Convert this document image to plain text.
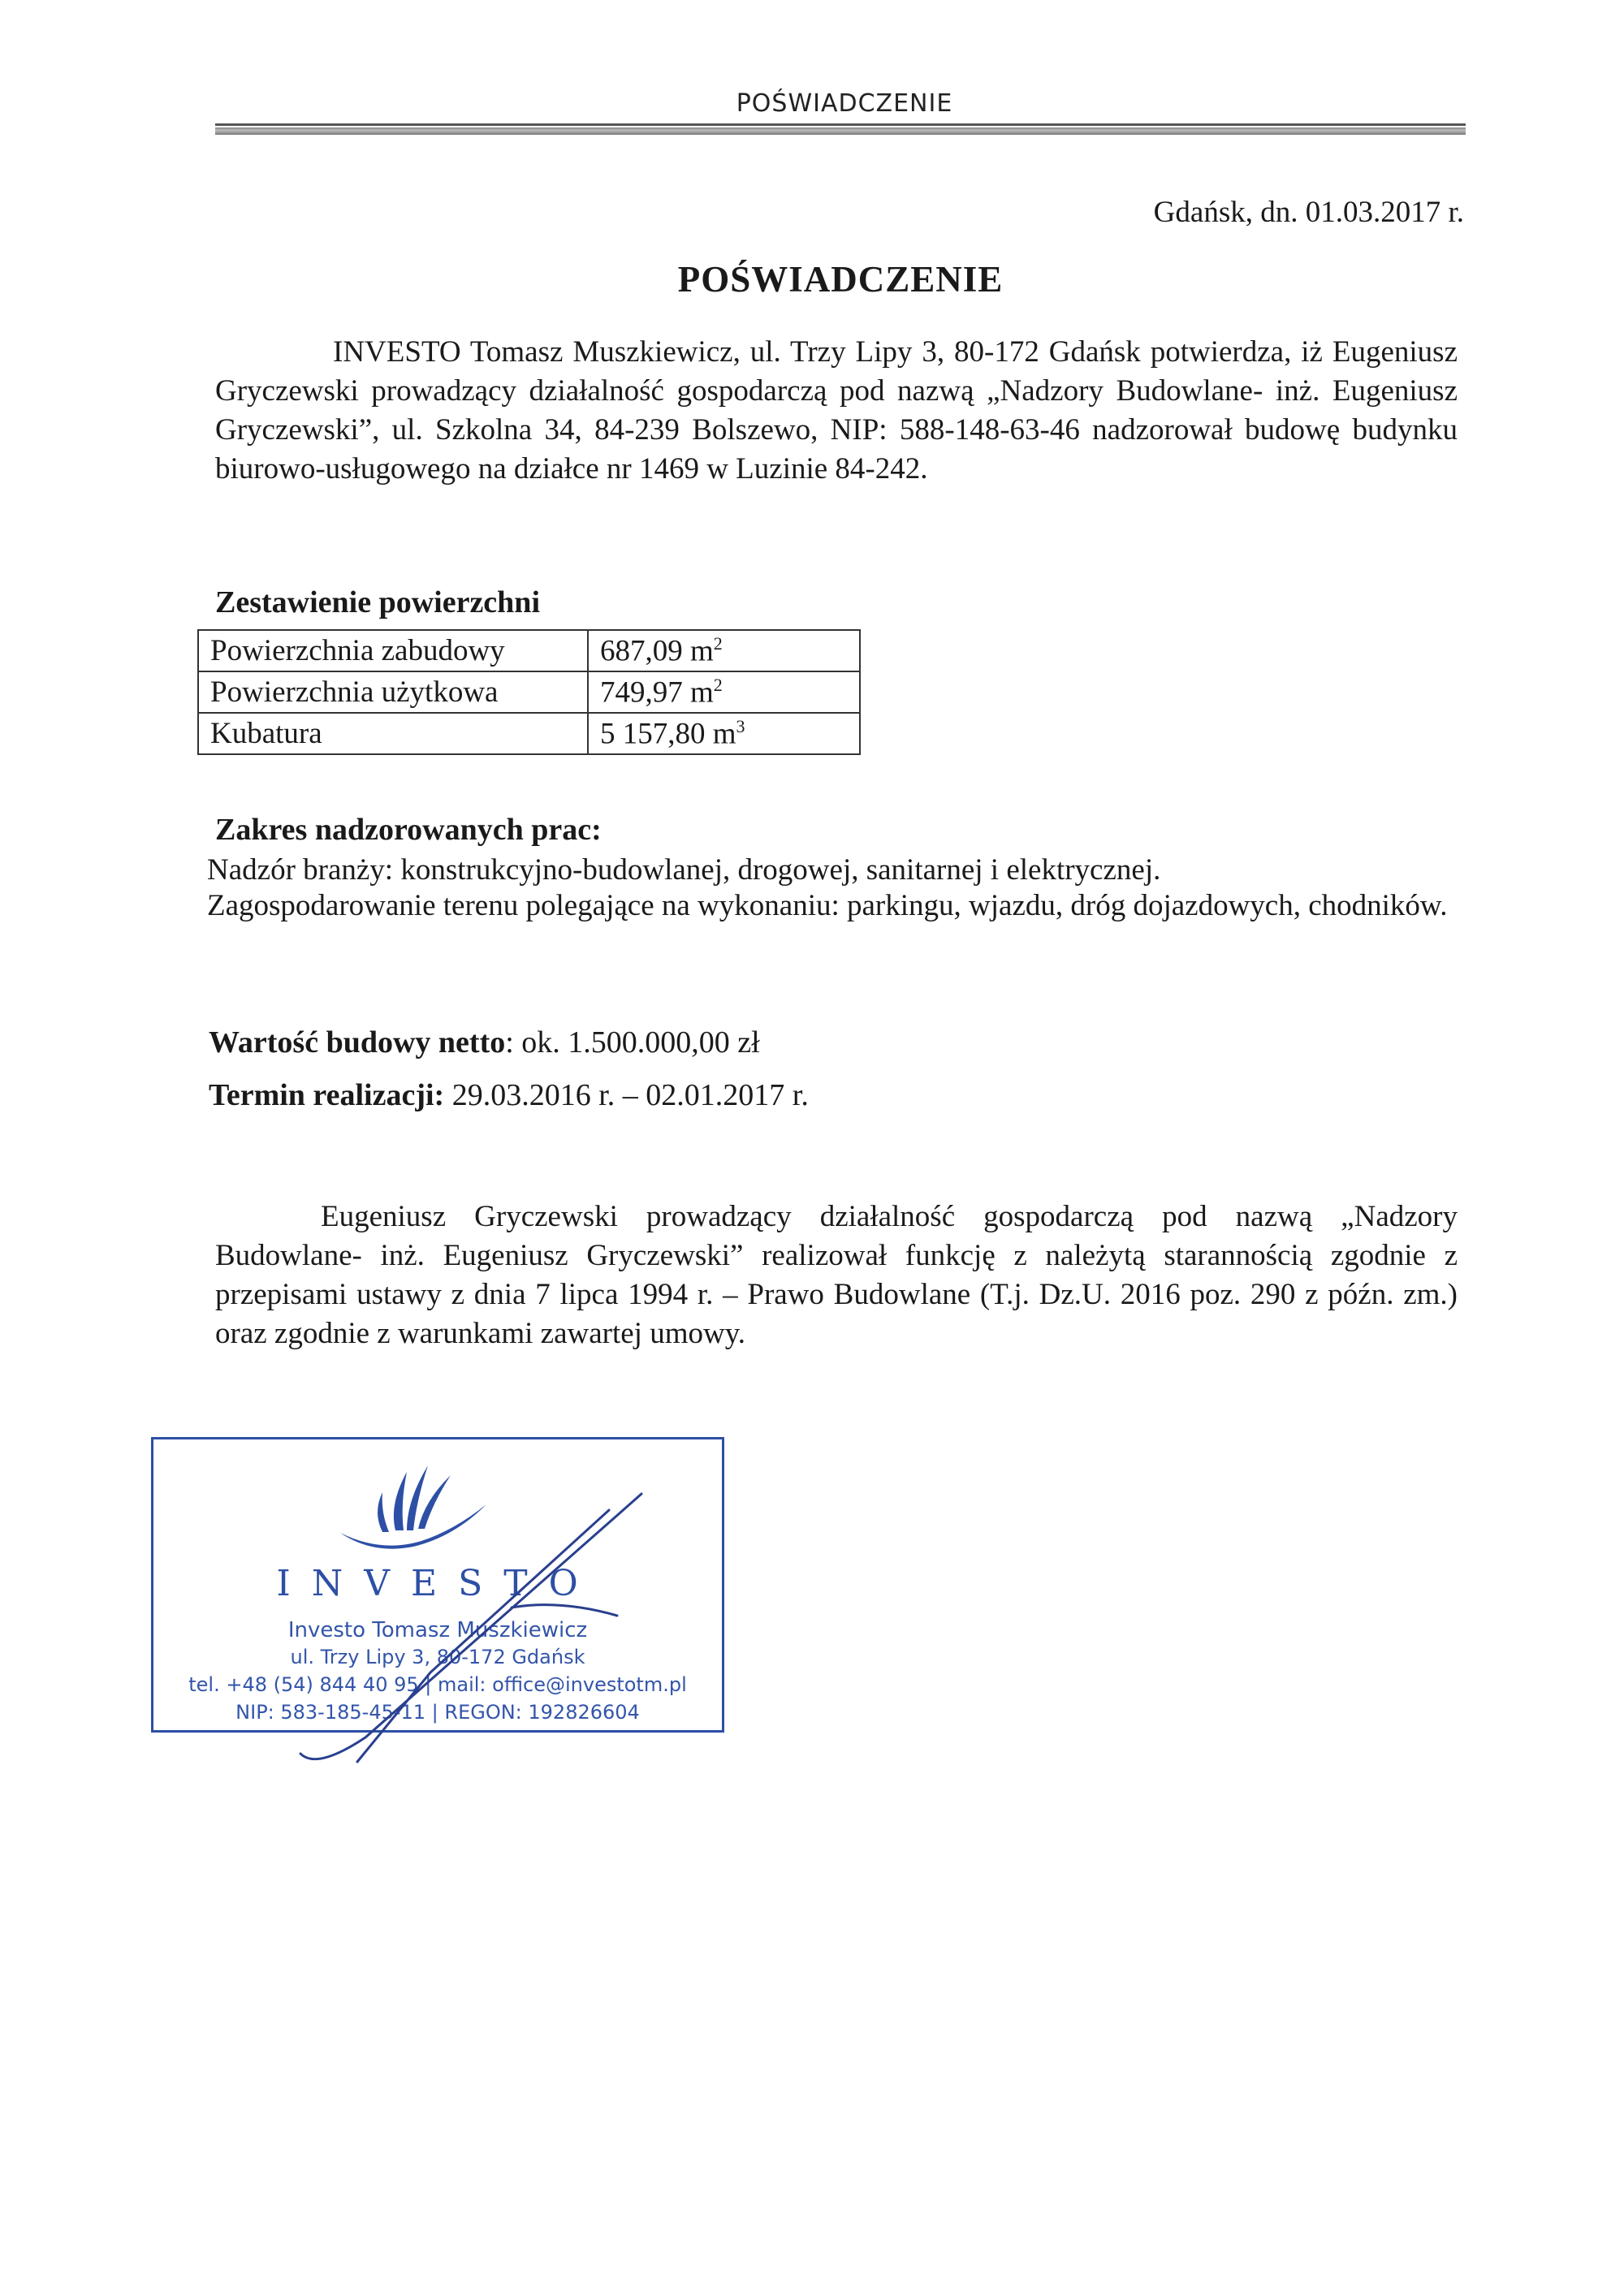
POŚWIADCZENIE
Gdańsk, dn. 01.03.2017 r.
POŚWIADCZENIE
INVESTO Tomasz Muszkiewicz, ul. Trzy Lipy 3, 80-172 Gdańsk potwierdza, iż Eugeniusz Gryczewski prowadzący działalność gospodarczą pod nazwą „Nadzory Budowlane- inż. Eugeniusz Gryczewski”, ul. Szkolna 34, 84-239 Bolszewo, NIP: 588-148-63-46 nadzorował budowę budynku biurowo-usługowego na działce nr 1469 w Luzinie 84-242.
Zestawienie powierzchni
Powierzchnia zabudowy	687,09 $m^2$
Powierzchnia użytkowa	749,97 $m^2$
Kubatura	5 157,80 $m^3$
Zakres nadzorowanych prac:
Nadzór branży: konstrukcyjno-budowlanej, drogowej, sanitarnej i elektrycznej.
Zagospodarowanie terenu polegające na wykonaniu: parkingu, wjazdu, dróg dojazdowych, chodników.
Wartość budowy netto: ok. 1.500.000,00 zł
Termin realizacji: 29.03.2016 r. – 02.01.2017 r.
Eugeniusz Gryczewski prowadzący działalność gospodarczą pod nazwą „Nadzory Budowlane- inż. Eugeniusz Gryczewski” realizował funkcję z należytą starannością zgodnie z przepisami ustawy z dnia 7 lipca 1994 r. – Prawo Budowlane (T.j. Dz.U. 2016 poz. 290 z późn. zm.) oraz zgodnie z warunkami zawartej umowy.
INVESTO
Investo Tomasz Muszkiewicz
ul. Trzy Lipy 3, 80-172 Gdańsk
tel. +48 (54) 844 40 95 | mail: office@investotm.pl
NIP: 583-185-45-11 | REGON: 192826604
